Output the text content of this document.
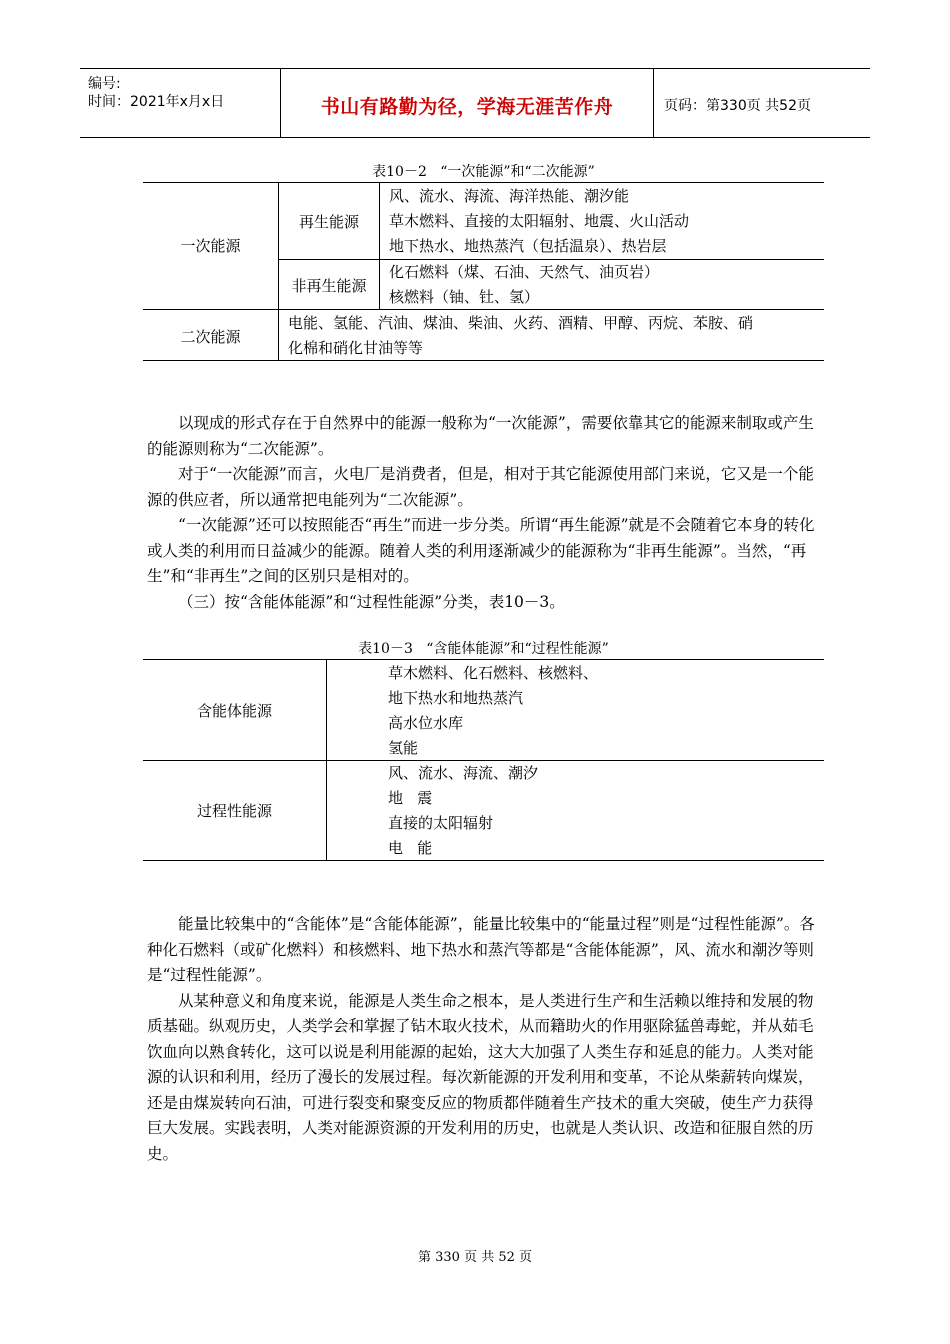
编号:
时间：2021年x月x日	书山有路勤为径，学海无涯苦作舟	页码：第330页 共52页
表10－2   “一次能源”和“二次能源”
一次能源
再生能源
风、流水、海流、海洋热能、潮汐能
草木燃料、直接的太阳辐射、地震、火山活动
地下热水、地热蒸汽（包括温泉）、热岩层
非再生能源
化石燃料（煤、石油、天然气、油页岩）
核燃料（铀、钍、氢）
二次能源
电能、氢能、汽油、煤油、柴油、火药、酒精、甲醇、丙烷、苯胺、硝
化棉和硝化甘油等等

以现成的形式存在于自然界中的能源一般称为“一次能源”，需要依靠其它的能源来制取或产生的能源则称为“二次能源”。

对于“一次能源”而言，火电厂是消费者，但是，相对于其它能源使用部门来说，它又是一个能源的供应者，所以通常把电能列为“二次能源”。

“一次能源”还可以按照能否“再生”而进一步分类。所谓“再生能源”就是不会随着它本身的转化或人类的利用而日益减少的能源。随着人类的利用逐渐减少的能源称为“非再生能源”。当然，“再生”和“非再生”之间的区别只是相对的。

（三）按“含能体能源”和“过程性能源”分类，表10－3。

表10－3   “含能体能源”和“过程性能源”
含能体能源
草木燃料、化石燃料、核燃料、
地下热水和地热蒸汽
高水位水库
氢能
过程性能源
风、流水、海流、潮汐
地   震
直接的太阳辐射
电   能

能量比较集中的“含能体”是“含能体能源”，能量比较集中的“能量过程”则是“过程性能源”。各种化石燃料（或矿化燃料）和核燃料、地下热水和蒸汽等都是“含能体能源”，风、流水和潮汐等则是“过程性能源”。

从某种意义和角度来说，能源是人类生命之根本，是人类进行生产和生活赖以维持和发展的物质基础。纵观历史，人类学会和掌握了钻木取火技术，从而籍助火的作用驱除猛兽毒蛇，并从茹毛饮血向以熟食转化，这可以说是利用能源的起始，这大大加强了人类生存和延息的能力。人类对能源的认识和利用，经历了漫长的发展过程。每次新能源的开发利用和变革，不论从柴薪转向煤炭，还是由煤炭转向石油，可进行裂变和聚变反应的物质都伴随着生产技术的重大突破，使生产力获得巨大发展。实践表明，人类对能源资源的开发利用的历史，也就是人类认识、改造和征服自然的历史。

第 330 页 共 52 页
